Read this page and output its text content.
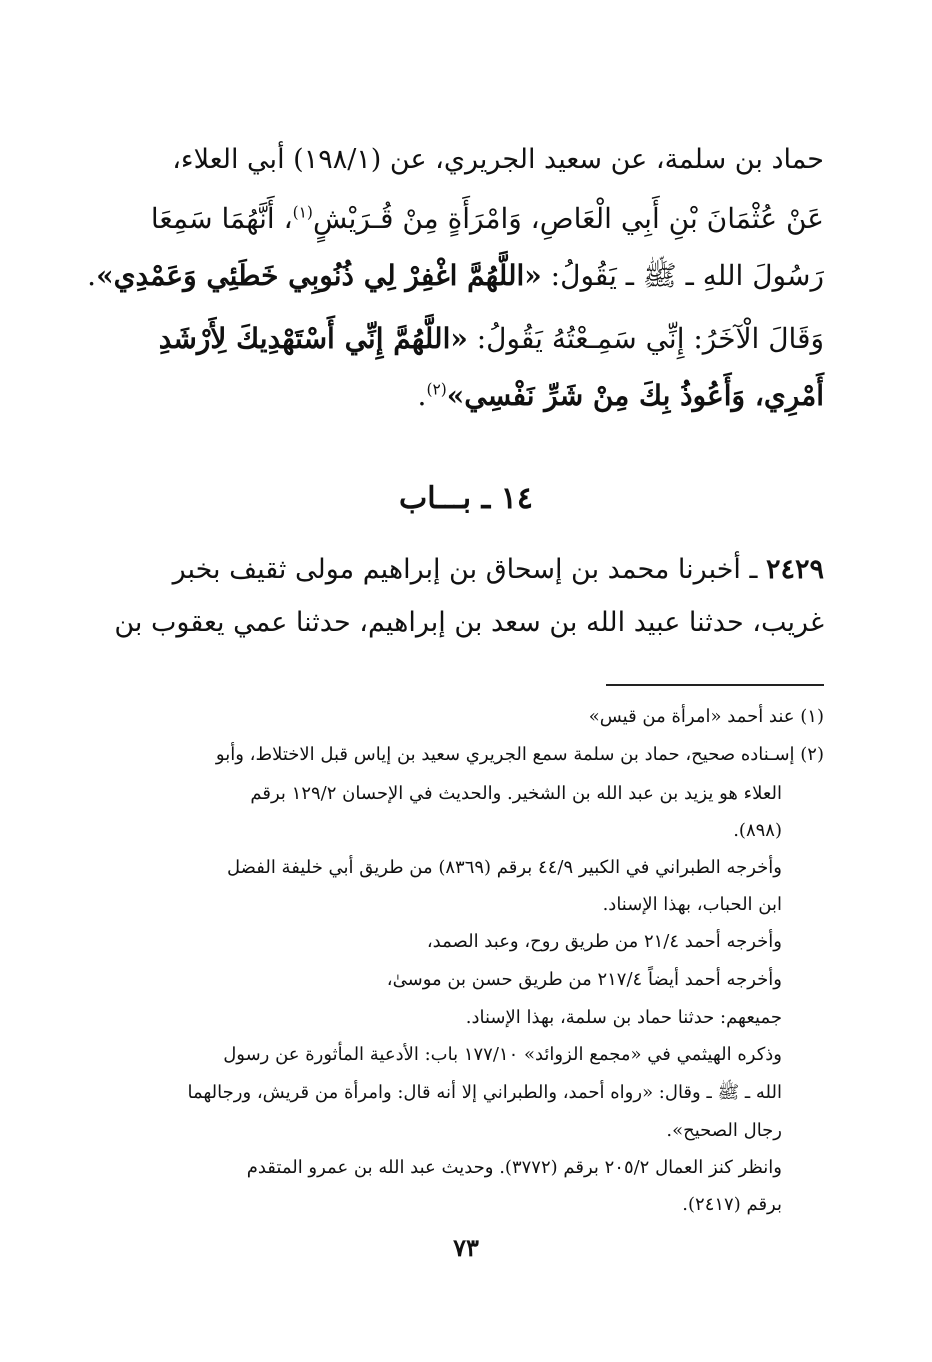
حماد بن سلمة، عن سعيد الجريري، عن (١٩٨/١) أبي العلاء،
عَنْ عُثْمَانَ بْنِ أَبِي الْعَاصِ، وَامْرَأَةٍ مِنْ قُـرَيْشٍ$^{(١)}$، أَنَّهُمَا سَمِعَا
رَسُولَ اللهِ ـ ﷺ ـ يَقُولُ: «اللَّهُمَّ اغْفِرْ لِي ذُنُوبِي خَطَئِي وَعَمْدِي».
وَقَالَ الْآخَرُ: إِنِّي سَمِـعْتُهُ يَقُولُ: «اللَّهُمَّ إِنِّي أَسْتَهْدِيكَ لِأَرْشَدِ
أَمْرِي، وَأَعُوذُ بِكَ مِنْ شَرِّ نَفْسِي»$^{(٢)}$.
١٤ ـ بـــاب
٢٤٢٩ ـ أخبرنا محمد بن إسحاق بن إبراهيم مولى ثقيف بخبر
غريب، حدثنا عبيد الله بن سعد بن إبراهيم، حدثنا عمي يعقوب بن
(١) عند أحمد «امرأة من قيس»
(٢) إسـناده صحيح، حماد بن سلمة سمع الجريري سعيد بن إياس قبل الاختلاط، وأبو
العلاء هو يزيد بن عبد الله بن الشخير. والحديث في الإحسان ١٢٩/٢ برقم
(٨٩٨).
وأخرجه الطبراني في الكبير ٤٤/٩ برقم (٨٣٦٩) من طريق أبي خليفة الفضل
ابن الحباب، بهذا الإسناد.
وأخرجه أحمد ٢١/٤ من طريق روح، وعبد الصمد،
وأخرجه أحمد أيضاً ٢١٧/٤ من طريق حسن بن موسىٰ،
جميعهم: حدثنا حماد بن سلمة، بهذا الإسناد.
وذكره الهيثمي في «مجمع الزوائد» ١٧٧/١٠ باب: الأدعية المأثورة عن رسول
الله ـ ﷺ ـ وقال: «رواه أحمد، والطبراني إلا أنه قال: وامرأة من قريش، ورجالهما
رجال الصحيح».
وانظر كنز العمال ٢٠٥/٢ برقم (٣٧٧٢). وحديث عبد الله بن عمرو المتقدم
برقم (٢٤١٧).
٧٣
